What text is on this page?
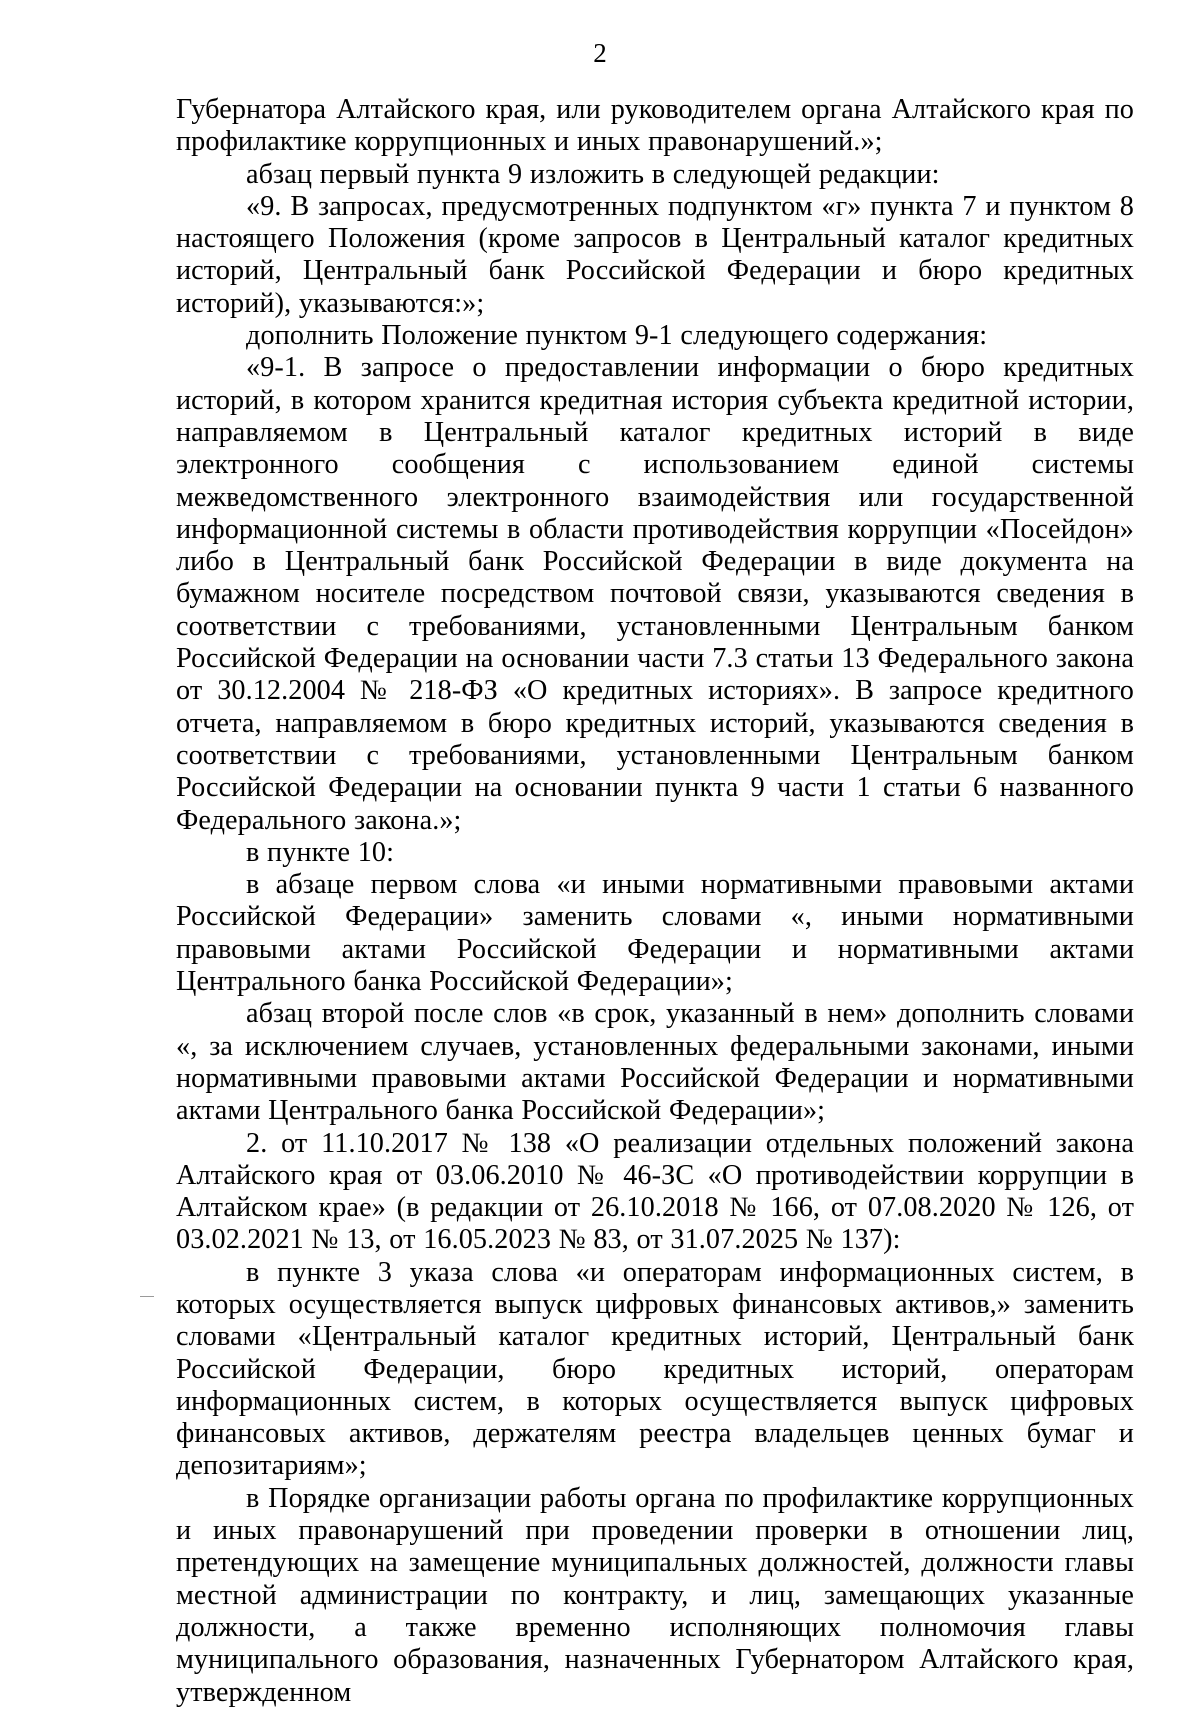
2

Губернатора Алтайского края, или руководителем органа Алтайского края по профилактике коррупционных и иных правонарушений.»;

абзац первый пункта 9 изложить в следующей редакции:

«9. В запросах, предусмотренных подпунктом «г» пункта 7 и пунктом 8 настоящего Положения (кроме запросов в Центральный каталог кредитных историй, Центральный банк Российской Федерации и бюро кредитных историй), указываются:»;

дополнить Положение пунктом 9-1 следующего содержания:

«9-1. В запросе о предоставлении информации о бюро кредитных историй, в котором хранится кредитная история субъекта кредитной истории, направляемом в Центральный каталог кредитных историй в виде электронного сообщения с использованием единой системы межведомственного электронного взаимодействия или государственной информационной системы в области противодействия коррупции «Посейдон» либо в Центральный банк Российской Федерации в виде документа на бумажном носителе посредством почтовой связи, указываются сведения в соответствии с требованиями, установленными Центральным банком Российской Федерации на основании части 7.3 статьи 13 Федерального закона от 30.12.2004 № 218-ФЗ «О кредитных историях». В запросе кредитного отчета, направляемом в бюро кредитных историй, указываются сведения в соответствии с требованиями, установленными Центральным банком Российской Федерации на основании пункта 9 части 1 статьи 6 названного Федерального закона.»;

в пункте 10:

в абзаце первом слова «и иными нормативными правовыми актами Российской Федерации» заменить словами «, иными нормативными правовыми актами Российской Федерации и нормативными актами Центрального банка Российской Федерации»;

абзац второй после слов «в срок, указанный в нем» дополнить словами «, за исключением случаев, установленных федеральными законами, иными нормативными правовыми актами Российской Федерации и нормативными актами Центрального банка Российской Федерации»;

2. от 11.10.2017 № 138 «О реализации отдельных положений закона Алтайского края от 03.06.2010 № 46-ЗС «О противодействии коррупции в Алтайском крае» (в редакции от 26.10.2018 № 166, от 07.08.2020 № 126, от 03.02.2021 № 13, от 16.05.2023 № 83, от 31.07.2025 № 137):

в пункте 3 указа слова «и операторам информационных систем, в которых осуществляется выпуск цифровых финансовых активов,» заменить словами «Центральный каталог кредитных историй, Центральный банк Российской Федерации, бюро кредитных историй, операторам информационных систем, в которых осуществляется выпуск цифровых финансовых активов, держателям реестра владельцев ценных бумаг и депозитариям»;

в Порядке организации работы органа по профилактике коррупционных и иных правонарушений при проведении проверки в отношении лиц, претендующих на замещение муниципальных должностей, должности главы местной администрации по контракту, и лиц, замещающих указанные должности, а также временно исполняющих полномочия главы муниципального образования, назначенных Губернатором Алтайского края, утвержденном
